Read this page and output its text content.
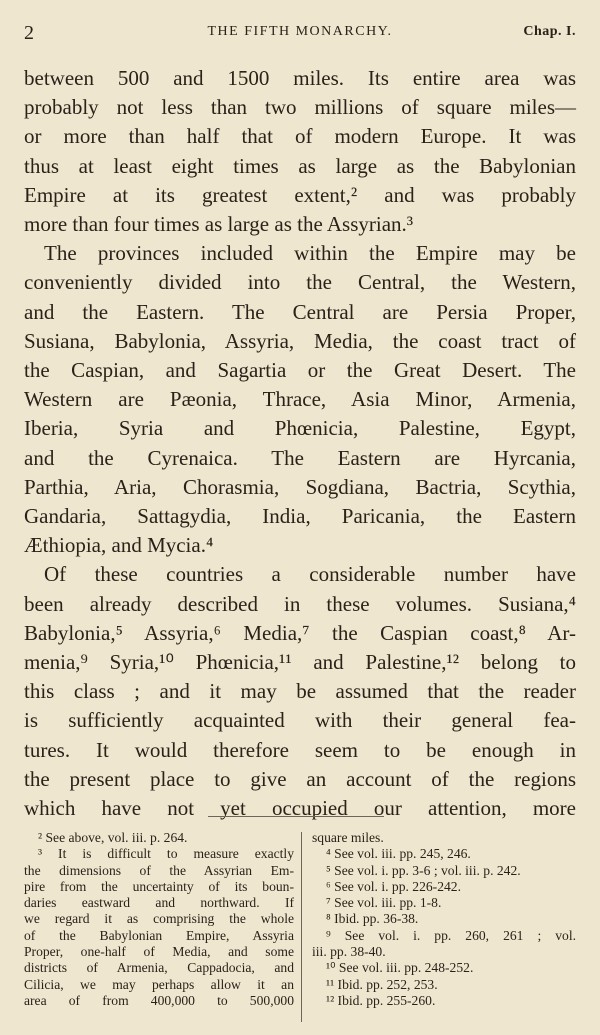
2	THE FIFTH MONARCHY.	Chap. I.
between 500 and 1500 miles. Its entire area was
probably not less than two millions of square miles—
or more than half that of modern Europe. It was
thus at least eight times as large as the Babylonian
Empire at its greatest extent,² and was probably
more than four times as large as the Assyrian.³
The provinces included within the Empire may be
conveniently divided into the Central, the Western,
and the Eastern. The Central are Persia Proper,
Susiana, Babylonia, Assyria, Media, the coast tract of
the Caspian, and Sagartia or the Great Desert. The
Western are Pæonia, Thrace, Asia Minor, Armenia,
Iberia, Syria and Phœnicia, Palestine, Egypt,
and the Cyrenaica. The Eastern are Hyrcania,
Parthia, Aria, Chorasmia, Sogdiana, Bactria, Scythia,
Gandaria, Sattagydia, India, Paricania, the Eastern
Æthiopia, and Mycia.⁴
Of these countries a considerable number have
been already described in these volumes. Susiana,⁴
Babylonia,⁵ Assyria,⁶ Media,⁷ the Caspian coast,⁸ Ar-
menia,⁹ Syria,¹⁰ Phœnicia,¹¹ and Palestine,¹² belong to
this class ; and it may be assumed that the reader
is sufficiently acquainted with their general fea-
tures. It would therefore seem to be enough in
the present place to give an account of the regions
which have not yet occupied our attention, more
² See above, vol. iii. p. 264.
³ It is difficult to measure exactly
the dimensions of the Assyrian Em-
pire from the uncertainty of its boun-
daries eastward and northward. If
we regard it as comprising the whole
of the Babylonian Empire, Assyria
Proper, one-half of Media, and some
districts of Armenia, Cappadocia, and
Cilicia, we may perhaps allow it an
area of from 400,000 to 500,000
square miles.
⁴ See vol. iii. pp. 245, 246.
⁵ See vol. i. pp. 3-6 ; vol. iii. p. 242.
⁶ See vol. i. pp. 226-242.
⁷ See vol. iii. pp. 1-8.
⁸ Ibid. pp. 36-38.
⁹ See vol. i. pp. 260, 261 ; vol.
iii. pp. 38-40.
¹⁰ See vol. iii. pp. 248-252.
¹¹ Ibid. pp. 252, 253.
¹² Ibid. pp. 255-260.
